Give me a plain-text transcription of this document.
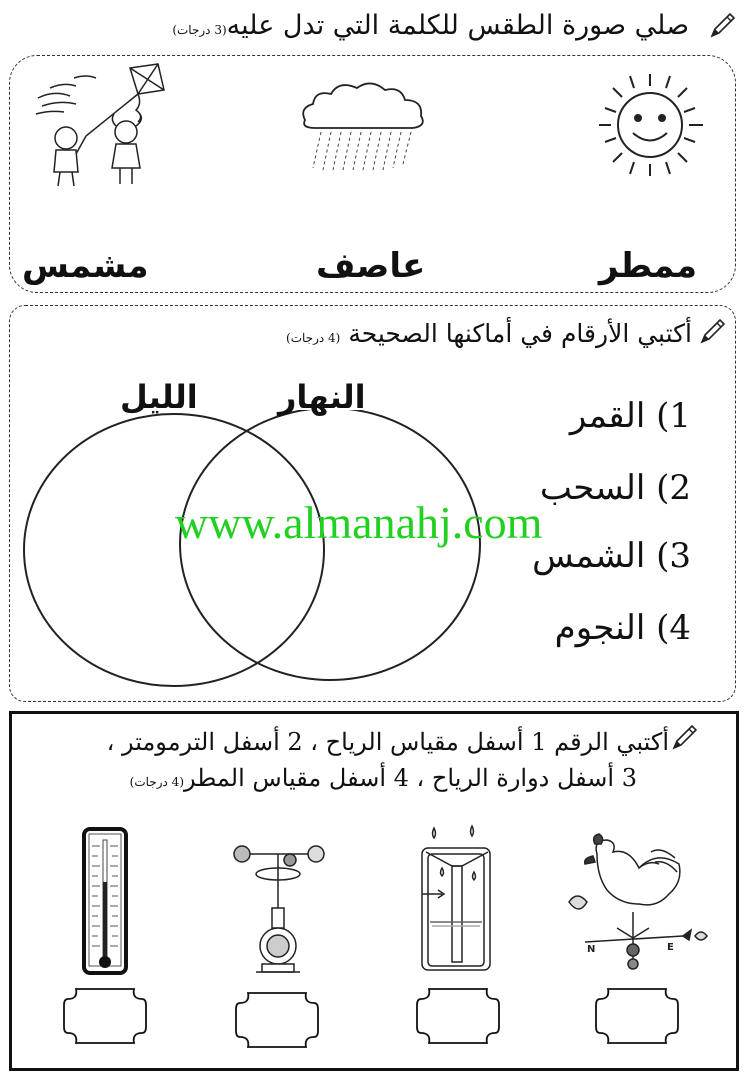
صلي صورة الطقس للكلمة التي تدل عليه(3 درجات)
ممطر
عاصف
مشمس
أكتبي الأرقام في أماكنها الصحيحة (4 درجات)
النهار
الليل	1) القمر
2) السحب
3) الشمس
4) النجوم
www.almanahj.com
أكتبي الرقم 1 أسفل مقياس الرياح ، 2 أسفل الترمومتر ،
3 أسفل دوارة الرياح ، 4 أسفل مقياس المطر(4 درجات)
N	E
